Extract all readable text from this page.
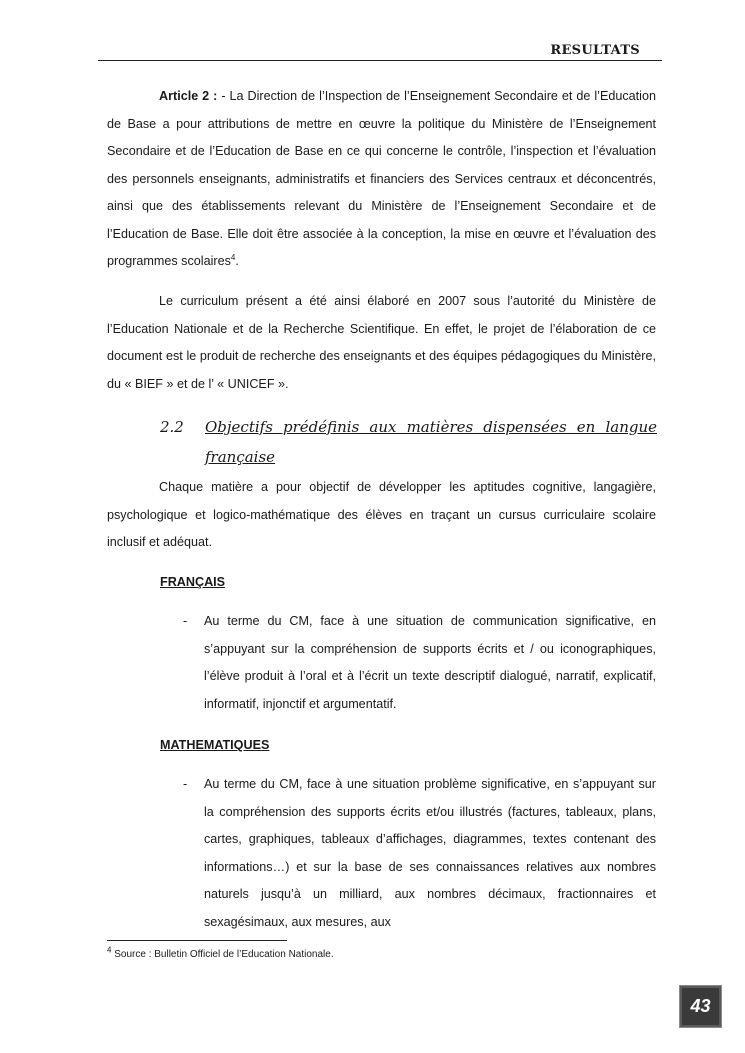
RESULTATS

Article 2 : - La Direction de l’Inspection de l’Enseignement Secondaire et de l’Education de Base a pour attributions de mettre en œuvre la politique du Ministère de l’Enseignement Secondaire et de l’Education de Base en ce qui concerne le contrôle, l’inspection et l’évaluation des personnels enseignants, administratifs et financiers des Services centraux et déconcentrés, ainsi que des établissements relevant du Ministère de l’Enseignement Secondaire et de l’Education de Base. Elle doit être associée à la conception, la mise en œuvre et l’évaluation des programmes scolaires$^4$.

Le curriculum présent a été ainsi élaboré en 2007 sous l’autorité du Ministère de l’Education Nationale et de la Recherche Scientifique. En effet, le projet de l’élaboration de ce document est le produit de recherche des enseignants et des équipes pédagogiques du Ministère, du « BIEF » et de l’ « UNICEF ».

2.2	Objectifs prédéfinis aux matières dispensées en langue française

Chaque matière a pour objectif de développer les aptitudes cognitive, langagière, psychologique et logico-mathématique des élèves en traçant un cursus curriculaire scolaire inclusif et adéquat.

FRANÇAIS

- Au terme du CM, face à une situation de communication significative, en s’appuyant sur la compréhension de supports écrits et / ou iconographiques, l’élève produit à l’oral et à l’écrit un texte descriptif dialogué, narratif, explicatif, informatif, injonctif et argumentatif.

MATHEMATIQUES

- Au terme du CM, face à une situation problème significative, en s’appuyant sur la compréhension des supports écrits et/ou illustrés (factures, tableaux, plans, cartes, graphiques, tableaux d’affichages, diagrammes, textes contenant des informations…) et sur la base de ses connaissances relatives aux nombres naturels jusqu’à un milliard, aux nombres décimaux, fractionnaires et sexagésimaux, aux mesures, aux

$^4$ Source : Bulletin Officiel de l’Education Nationale.
43
